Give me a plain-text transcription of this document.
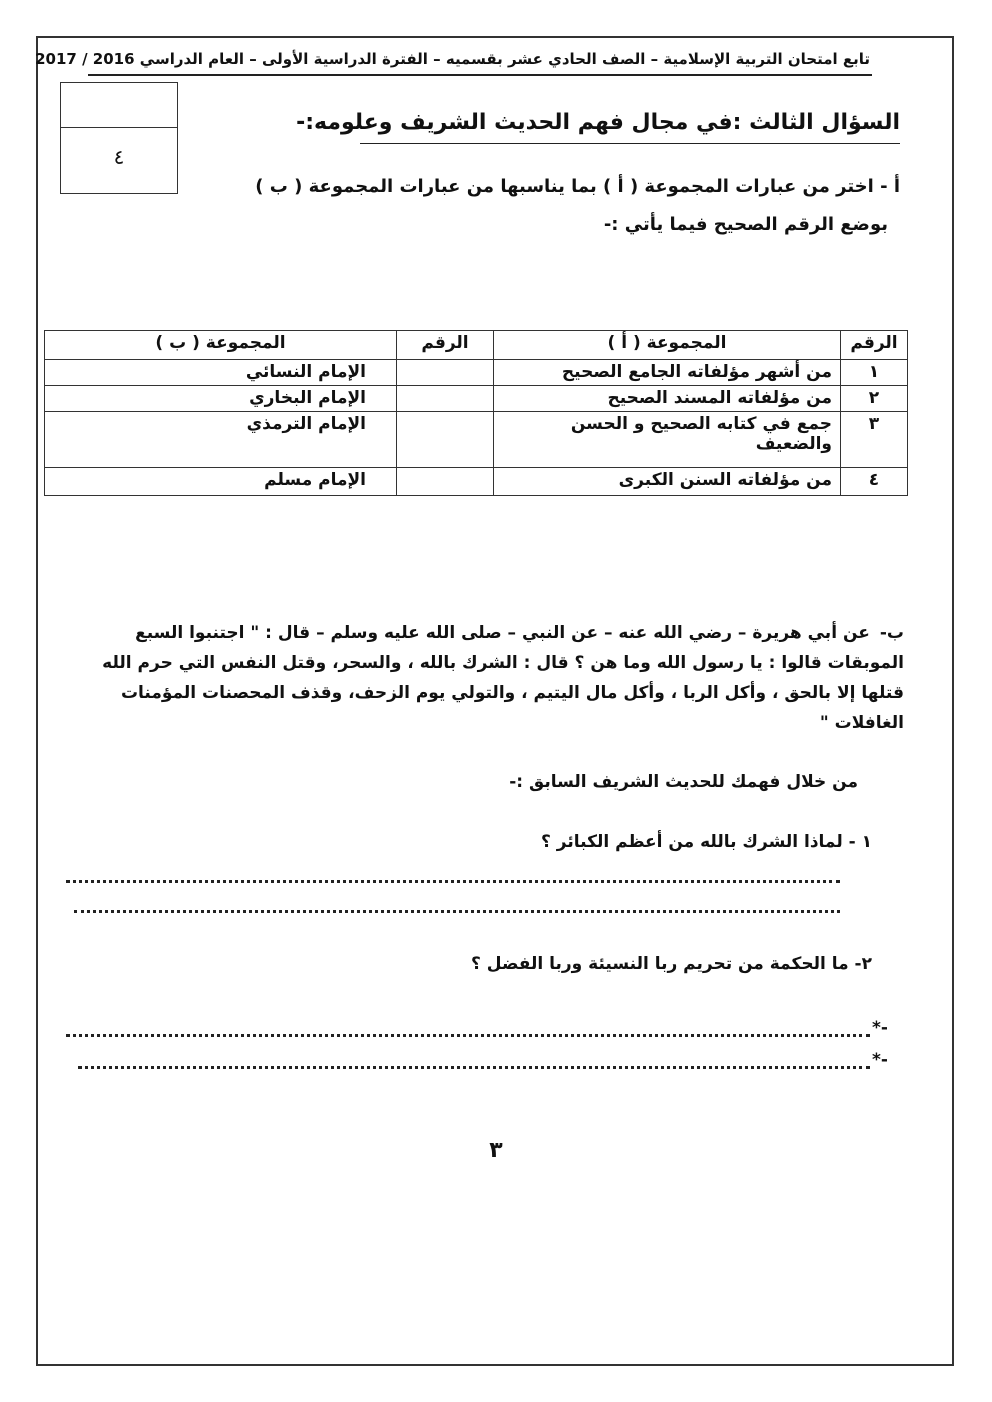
تابع امتحان التربية الإسلامية – الصف الحادي عشر بقسميه – الفترة الدراسية الأولى – العام الدراسي 2016 / 2017
٤
السؤال الثالث :في مجال فهم الحديث الشريف وعلومه:-
أ - اختر من عبارات المجموعة ( أ ) بما يناسبها من عبارات المجموعة ( ب )
بوضع الرقم الصحيح فيما يأتي :-
الرقم	المجموعة ( أ )	الرقم	المجموعة ( ب )
١	من أشهر مؤلفاته الجامع الصحيح		الإمام النسائي
٢	من مؤلفاته المسند الصحيح		الإمام البخاري
٣	جمع في كتابه الصحيح و الحسن والضعيف		الإمام الترمذي
٤	من مؤلفاته السنن الكبرى		الإمام مسلم
ب-عن أبي هريرة – رضي الله عنه – عن النبي – صلى الله عليه وسلم – قال : " اجتنبوا السبع الموبقات قالوا : يا رسول الله وما هن ؟ قال : الشرك بالله ، والسحر، وقتل النفس التي حرم الله قتلها إلا بالحق ، وأكل الربا ، وأكل مال اليتيم ، والتولي يوم الزحف، وقذف المحصنات المؤمنات الغافلات "
من خلال فهمك للحديث الشريف السابق :-
١ - لماذا الشرك بالله من أعظم الكبائر ؟
٢- ما الحكمة من تحريم ربا النسيئة وربا الفضل ؟
*-
*-
٣
